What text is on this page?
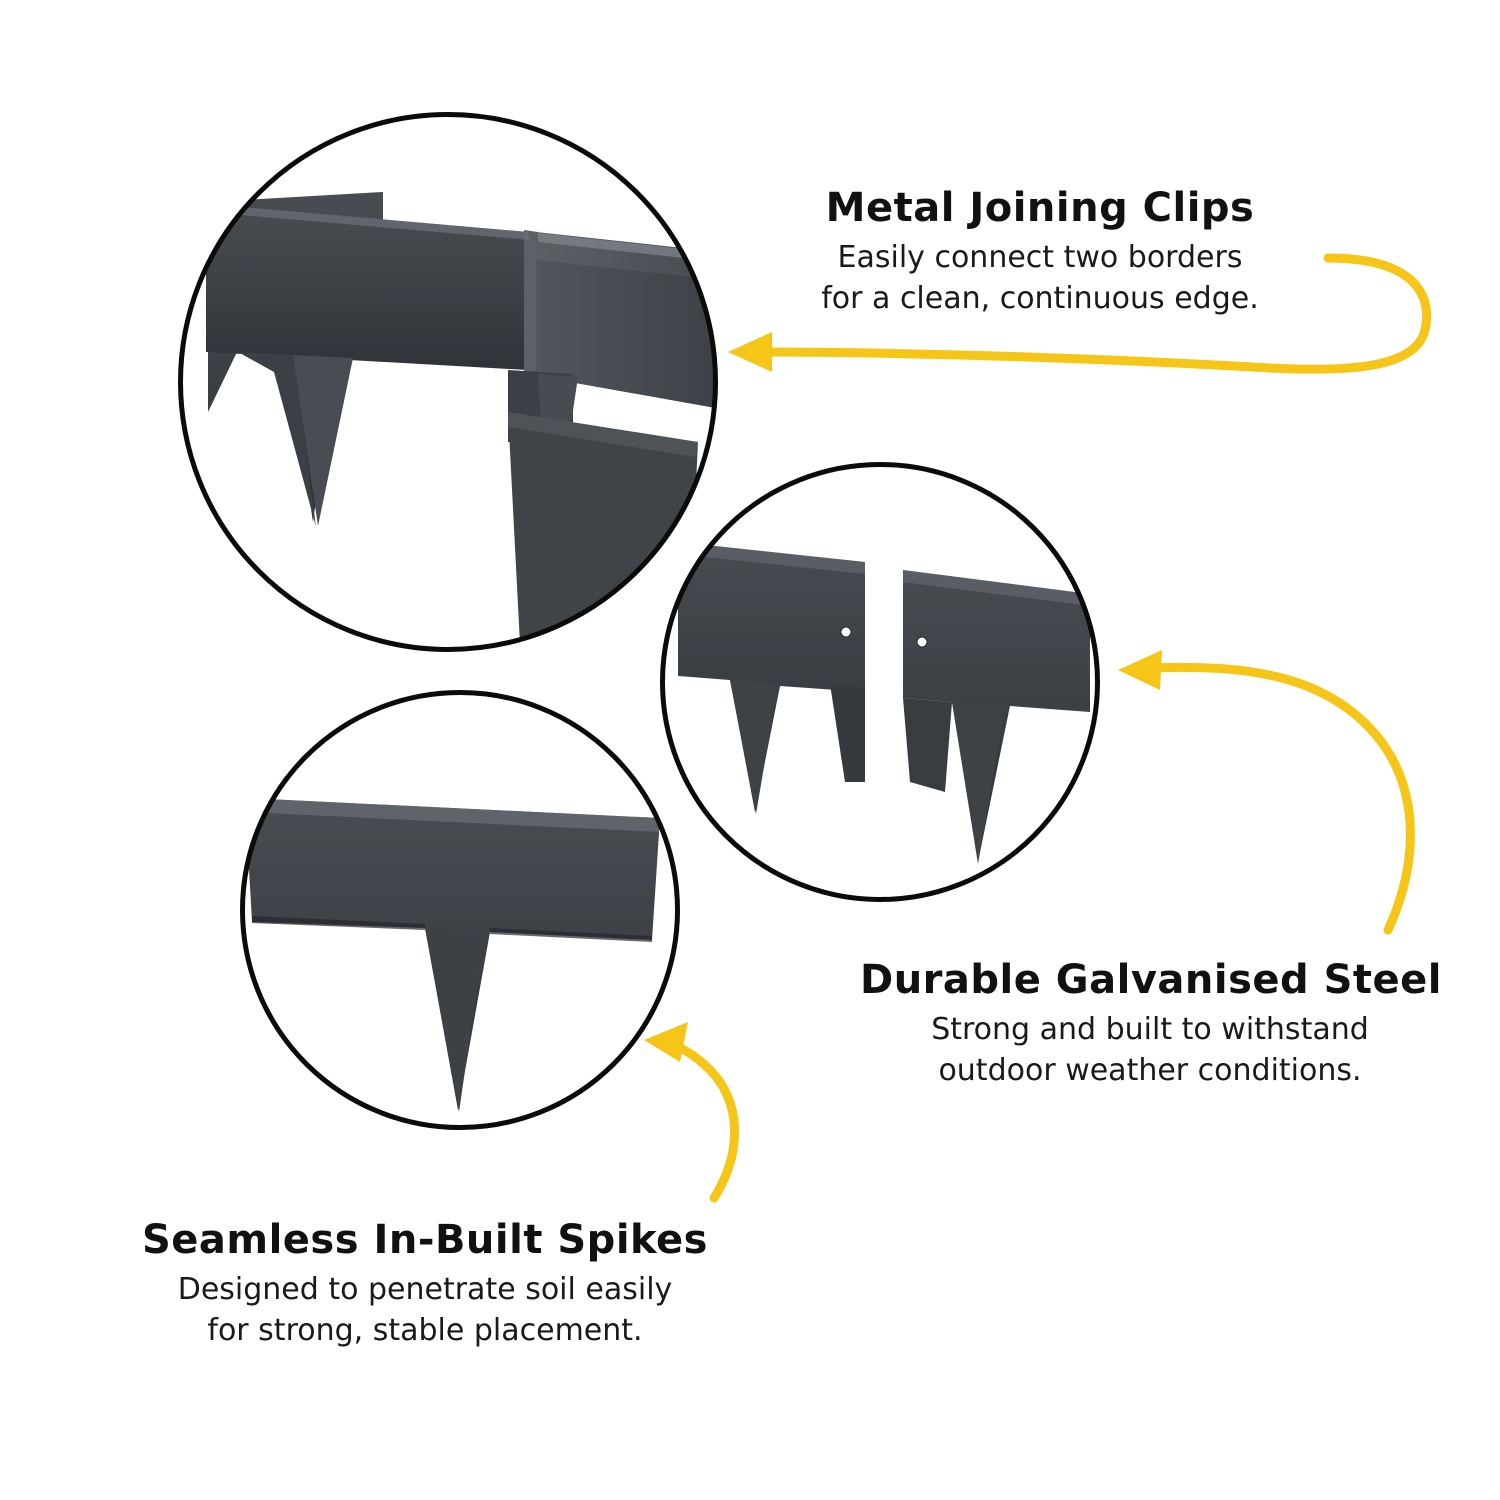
Metal Joining Clips
Easily connect two borders
for a clean, continuous edge.
Durable Galvanised Steel
Strong and built to withstand
outdoor weather conditions.
Seamless In-Built Spikes
Designed to penetrate soil easily
for strong, stable placement.
